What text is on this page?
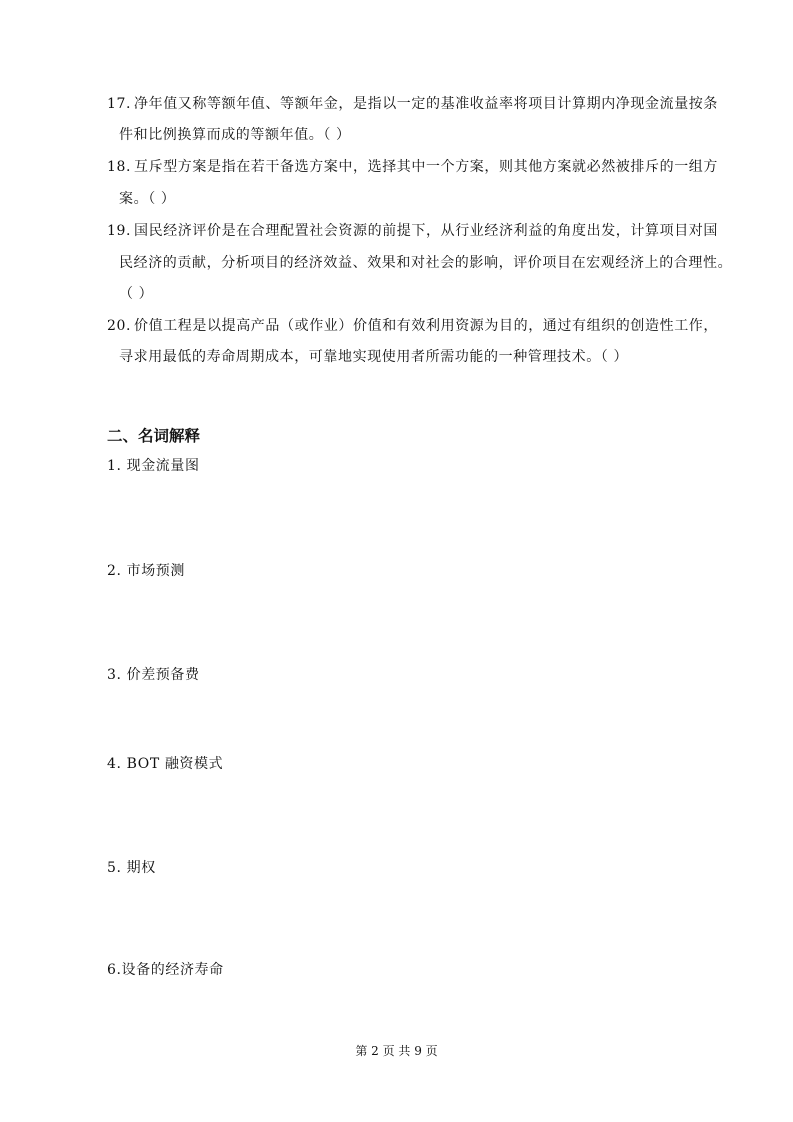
17. 净年值又称等额年值、等额年金，是指以一定的基准收益率将项目计算期内净现金流量按条
件和比例换算而成的等额年值。（ ）
18. 互斥型方案是指在若干备选方案中，选择其中一个方案，则其他方案就必然被排斥的一组方
案。（ ）
19. 国民经济评价是在合理配置社会资源的前提下，从行业经济利益的角度出发，计算项目对国
民经济的贡献，分析项目的经济效益、效果和对社会的影响，评价项目在宏观经济上的合理性。
（ ）
20. 价值工程是以提高产品（或作业）价值和有效利用资源为目的，通过有组织的创造性工作，
寻求用最低的寿命周期成本，可靠地实现使用者所需功能的一种管理技术。（ ）
二、名词解释
1. 现金流量图
2. 市场预测
3. 价差预备费
4. BOT 融资模式
5. 期权
6.设备的经济寿命
第 2 页 共 9 页
